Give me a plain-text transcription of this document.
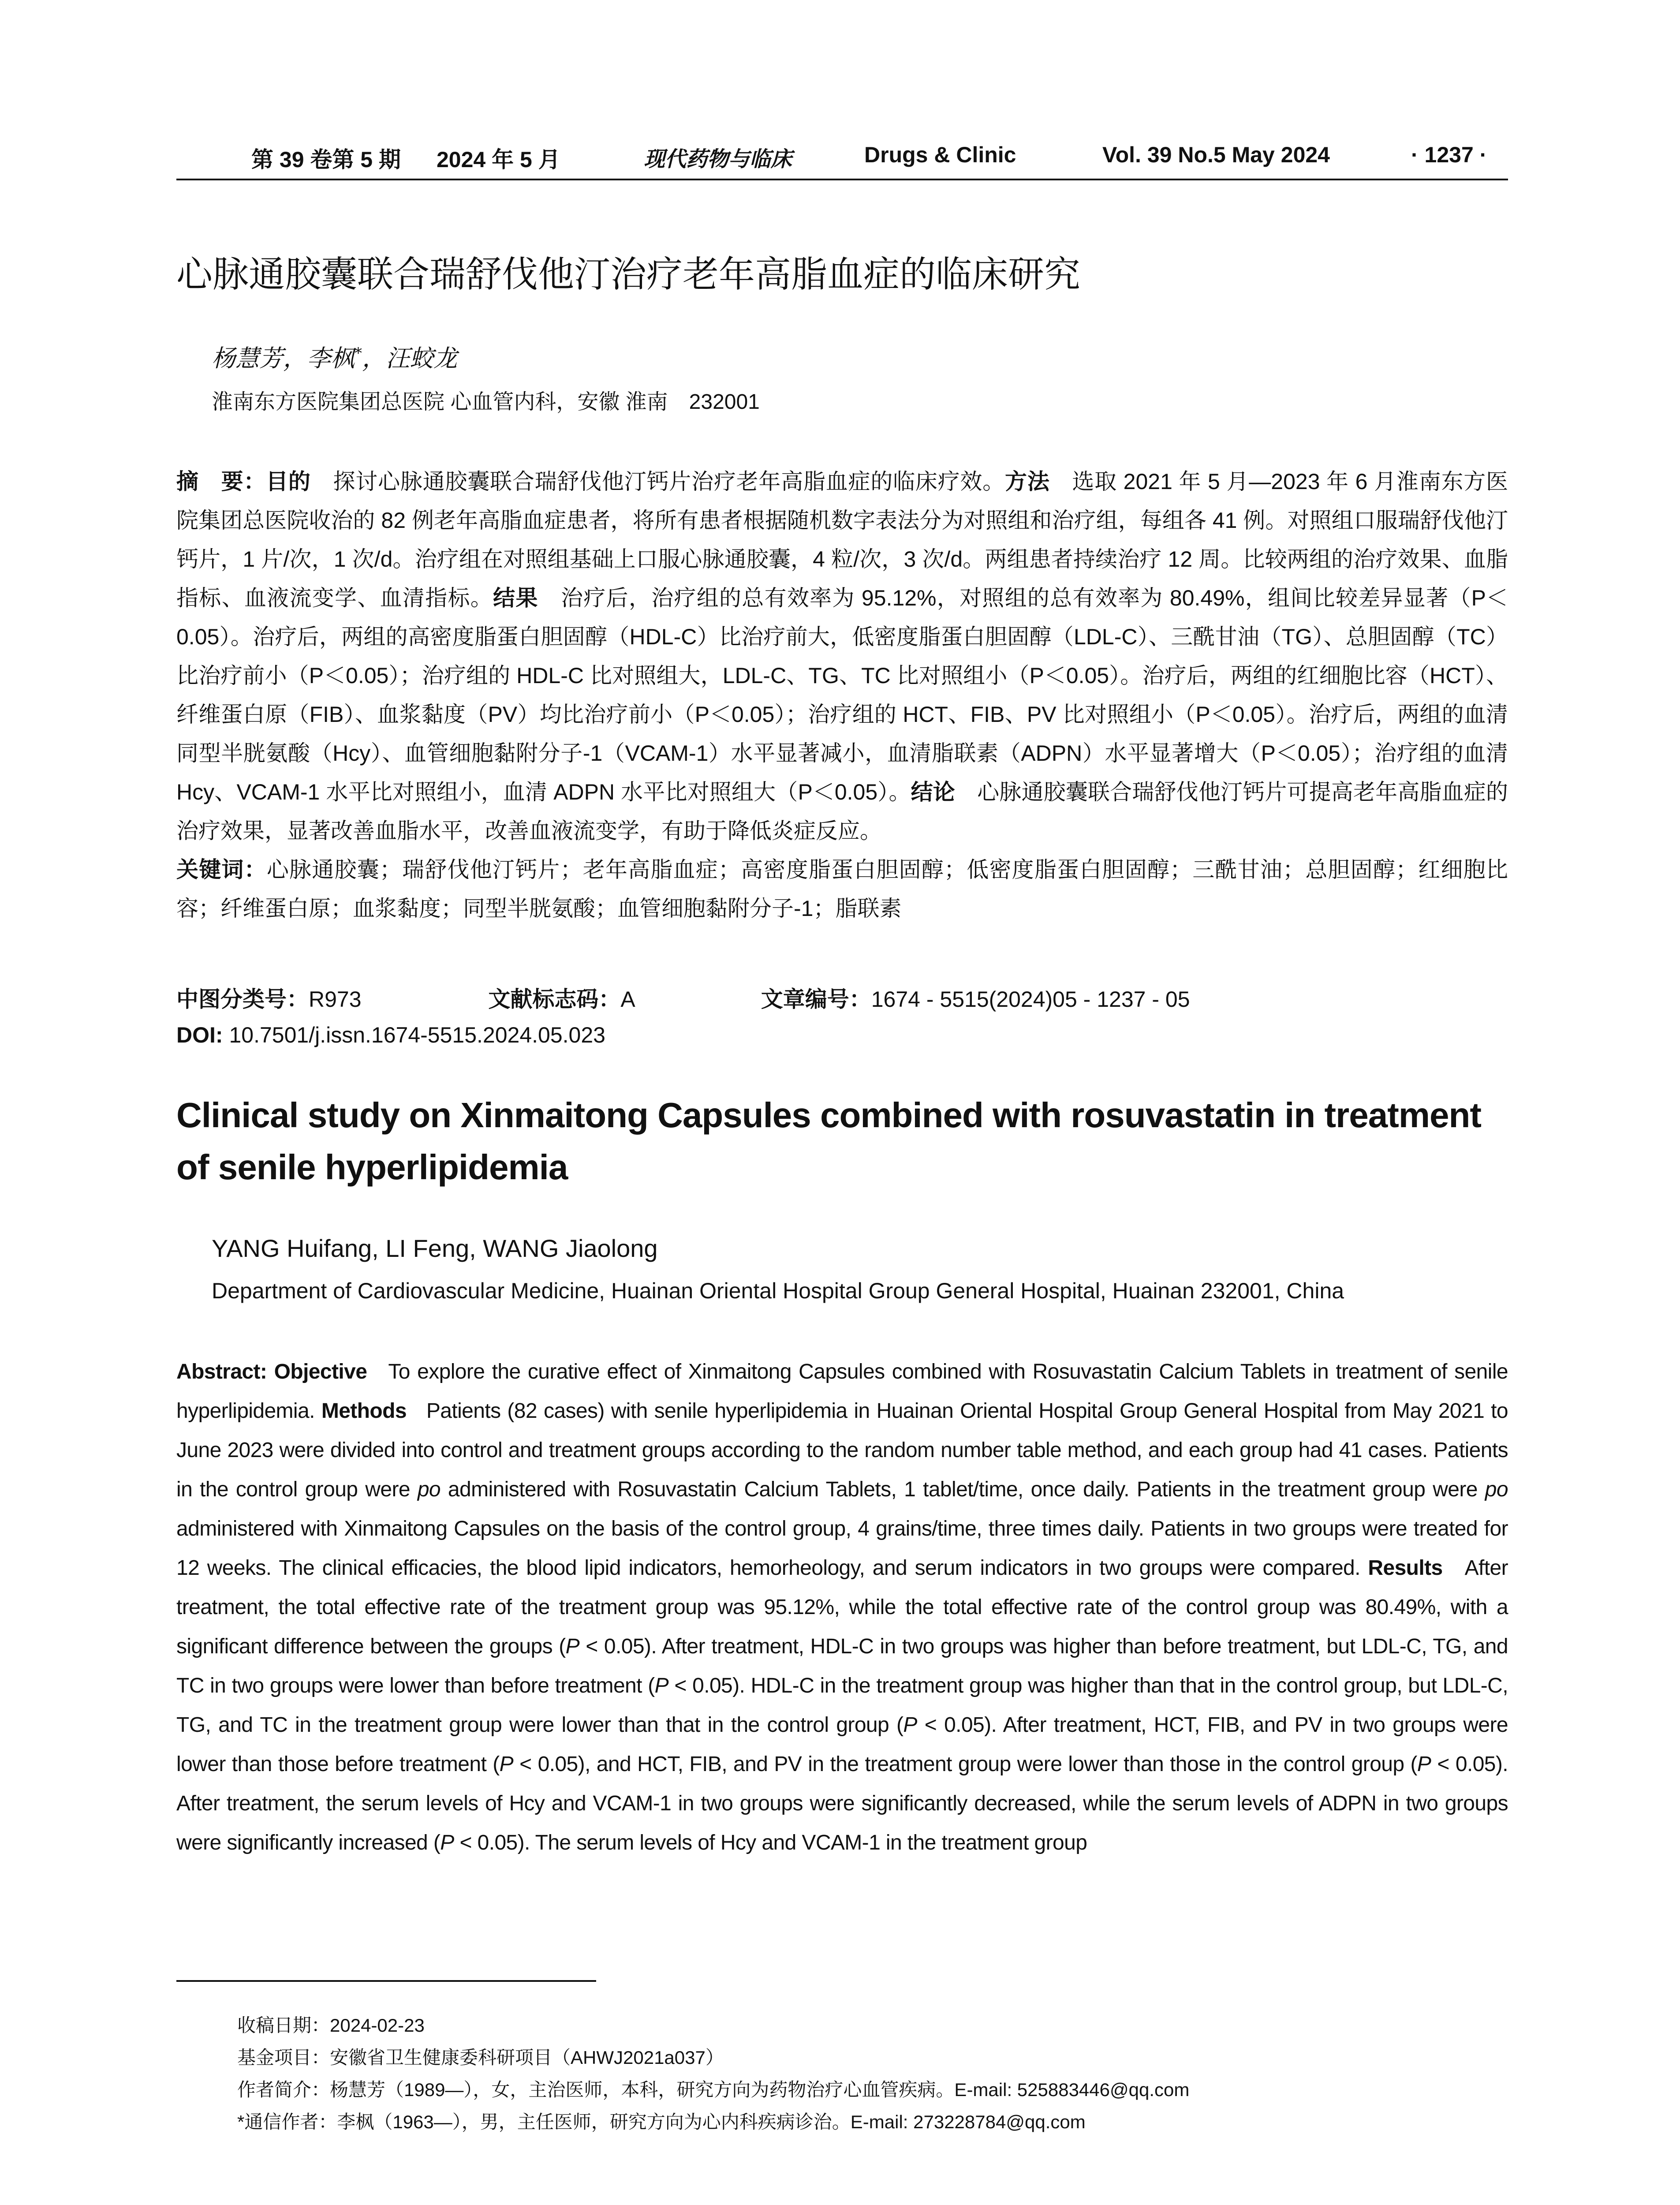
第 39 卷第 5 期 2024 年 5 月	现代药物与临床	Drugs & Clinic	Vol. 39 No.5 May 2024	· 1237 ·
心脉通胶囊联合瑞舒伐他汀治疗老年高脂血症的临床研究
杨慧芳，李枫*，汪蛟龙
淮南东方医院集团总医院 心血管内科，安徽 淮南　232001

摘　要：目的　 探讨心脉通胶囊联合瑞舒伐他汀钙片治疗老年高脂血症的临床疗效。方法　 选取 2021 年 5 月—2023 年 6 月淮南东方医院集团总医院收治的 82 例老年高脂血症患者，将所有患者根据随机数字表法分为对照组和治疗组，每组各 41 例。对照组口服瑞舒伐他汀钙片，1 片/次，1 次/d。治疗组在对照组基础上口服心脉通胶囊，4 粒/次，3 次/d。两组患者持续治疗 12 周。比较两组的治疗效果、血脂指标、血液流变学、血清指标。结果　 治疗后，治疗组的总有效率为 95.12%，对照组的总有效率为 80.49%，组间比较差异显著（P＜0.05）。治疗后，两组的高密度脂蛋白胆固醇（HDL-C）比治疗前大，低密度脂蛋白胆固醇（LDL-C）、三酰甘油（TG）、总胆固醇（TC）比治疗前小（P＜0.05）；治疗组的 HDL-C 比对照组大，LDL-C、TG、TC 比对照组小（P＜0.05）。治疗后，两组的红细胞比容（HCT）、纤维蛋白原（FIB）、血浆黏度（PV）均比治疗前小（P＜0.05）；治疗组的 HCT、FIB、PV 比对照组小（P＜0.05）。治疗后，两组的血清同型半胱氨酸（Hcy）、血管细胞黏附分子-1（VCAM-1）水平显著减小，血清脂联素（ADPN）水平显著增大（P＜0.05）；治疗组的血清 Hcy、VCAM-1 水平比对照组小，血清 ADPN 水平比对照组大（P＜0.05）。结论　 心脉通胶囊联合瑞舒伐他汀钙片可提高老年高脂血症的治疗效果，显著改善血脂水平，改善血液流变学，有助于降低炎症反应。

关键词：心脉通胶囊；瑞舒伐他汀钙片；老年高脂血症；高密度脂蛋白胆固醇；低密度脂蛋白胆固醇；三酰甘油；总胆固醇；红细胞比容；纤维蛋白原；血浆黏度；同型半胱氨酸；血管细胞黏附分子-1；脂联素

中图分类号：R973	文献标志码：A	文章编号：1674 - 5515(2024)05 - 1237 - 05
DOI: 10.7501/j.issn.1674-5515.2024.05.023
Clinical study on Xinmaitong Capsules combined with rosuvastatin in treatment of senile hyperlipidemia
YANG Huifang, LI Feng, WANG Jiaolong
Department of Cardiovascular Medicine, Huainan Oriental Hospital Group General Hospital, Huainan 232001, China

Abstract: Objective To explore the curative effect of Xinmaitong Capsules combined with Rosuvastatin Calcium Tablets in treatment of senile hyperlipidemia. Methods Patients (82 cases) with senile hyperlipidemia in Huainan Oriental Hospital Group General Hospital from May 2021 to June 2023 were divided into control and treatment groups according to the random number table method, and each group had 41 cases. Patients in the control group were po administered with Rosuvastatin Calcium Tablets, 1 tablet/time, once daily. Patients in the treatment group were po administered with Xinmaitong Capsules on the basis of the control group, 4 grains/time, three times daily. Patients in two groups were treated for 12 weeks. The clinical efficacies, the blood lipid indicators, hemorheology, and serum indicators in two groups were compared. Results After treatment, the total effective rate of the treatment group was 95.12%, while the total effective rate of the control group was 80.49%, with a significant difference between the groups (P < 0.05). After treatment, HDL-C in two groups was higher than before treatment, but LDL-C, TG, and TC in two groups were lower than before treatment (P < 0.05). HDL-C in the treatment group was higher than that in the control group, but LDL-C, TG, and TC in the treatment group were lower than that in the control group (P < 0.05). After treatment, HCT, FIB, and PV in two groups were lower than those before treatment (P < 0.05), and HCT, FIB, and PV in the treatment group were lower than those in the control group (P < 0.05). After treatment, the serum levels of Hcy and VCAM-1 in two groups were significantly decreased, while the serum levels of ADPN in two groups were significantly increased (P < 0.05). The serum levels of Hcy and VCAM-1 in the treatment group

收稿日期：2024-02-23
基金项目：安徽省卫生健康委科研项目（AHWJ2021a037）
作者简介：杨慧芳（1989—），女，主治医师，本科，研究方向为药物治疗心血管疾病。E-mail: 525883446@qq.com
*通信作者：李枫（1963—），男，主任医师，研究方向为心内科疾病诊治。E-mail: 273228784@qq.com
